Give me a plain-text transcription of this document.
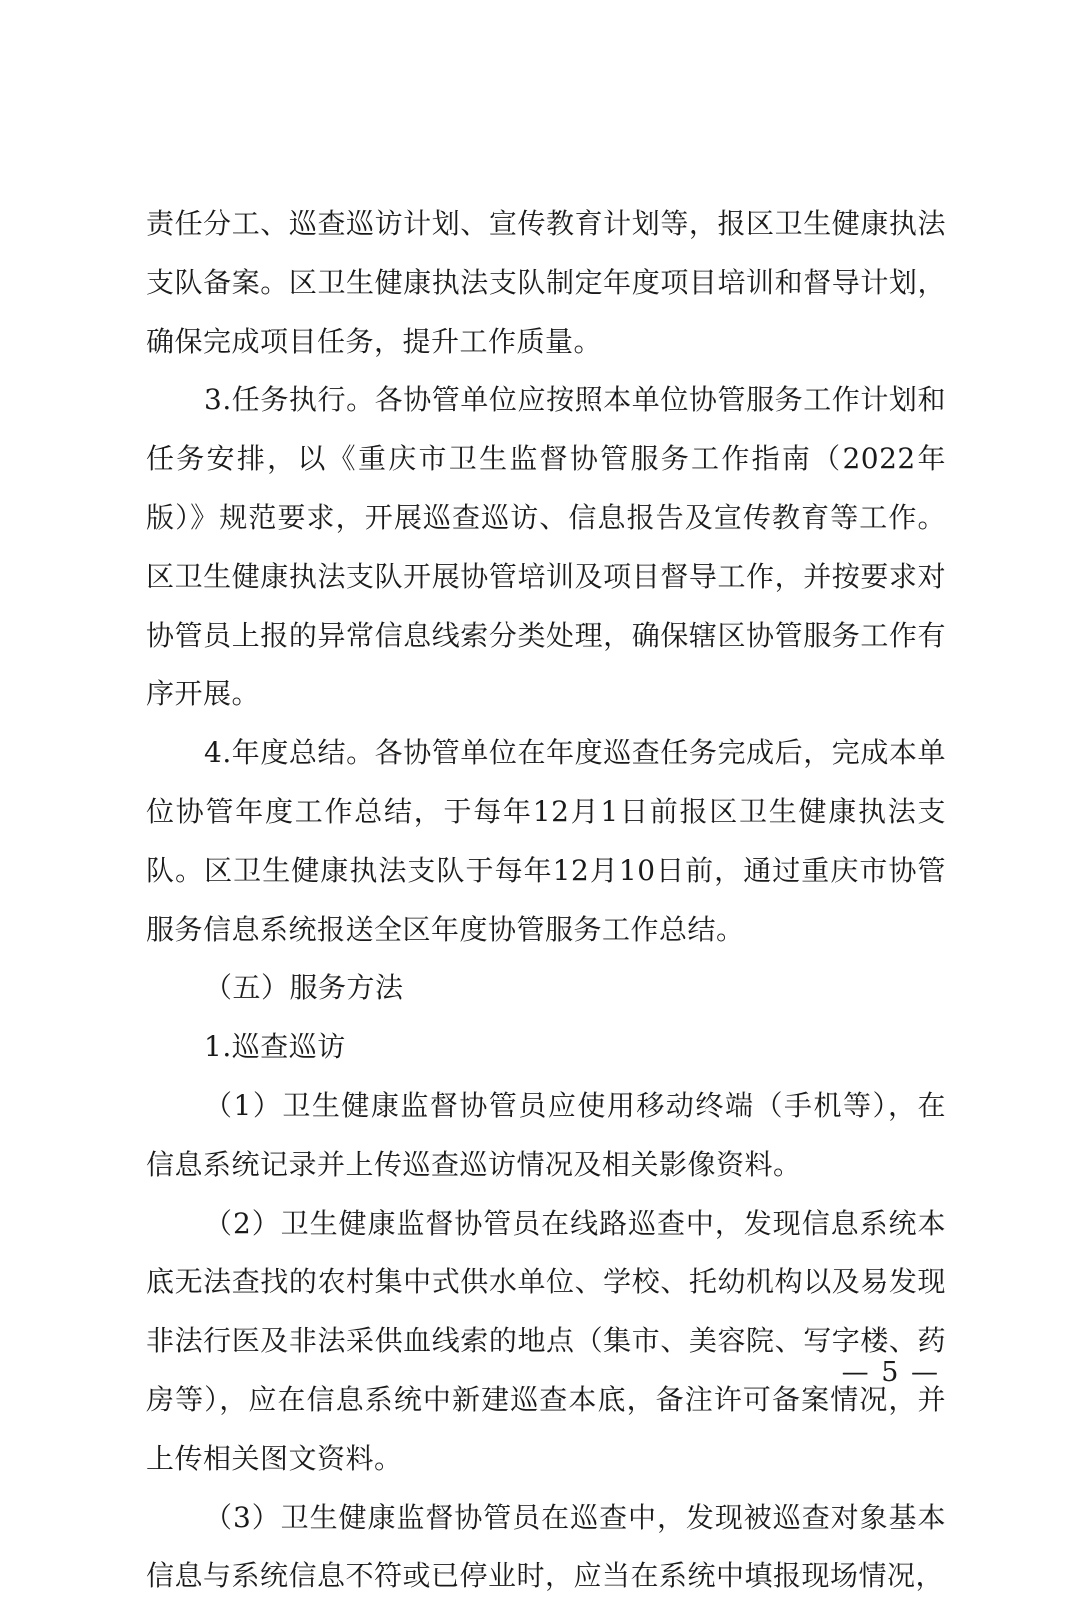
责任分工、巡查巡访计划、宣传教育计划等，报区卫生健康执法支队备案。区卫生健康执法支队制定年度项目培训和督导计划，确保完成项目任务，提升工作质量。

3.任务执行。各协管单位应按照本单位协管服务工作计划和任务安排，以《重庆市卫生监督协管服务工作指南（2022年版）》规范要求，开展巡查巡访、信息报告及宣传教育等工作。区卫生健康执法支队开展协管培训及项目督导工作，并按要求对协管员上报的异常信息线索分类处理，确保辖区协管服务工作有序开展。

4.年度总结。各协管单位在年度巡查任务完成后，完成本单位协管年度工作总结，于每年12月1日前报区卫生健康执法支队。区卫生健康执法支队于每年12月10日前，通过重庆市协管服务信息系统报送全区年度协管服务工作总结。

（五）服务方法

1.巡查巡访

（1）卫生健康监督协管员应使用移动终端（手机等），在信息系统记录并上传巡查巡访情况及相关影像资料。

（2）卫生健康监督协管员在线路巡查中，发现信息系统本底无法查找的农村集中式供水单位、学校、托幼机构以及易发现非法行医及非法采供血线索的地点（集市、美容院、写字楼、药房等），应在信息系统中新建巡查本底，备注许可备案情况，并上传相关图文资料。

（3）卫生健康监督协管员在巡查中，发现被巡查对象基本信息与系统信息不符或已停业时，应当在系统中填报现场情况，

— 5 —
